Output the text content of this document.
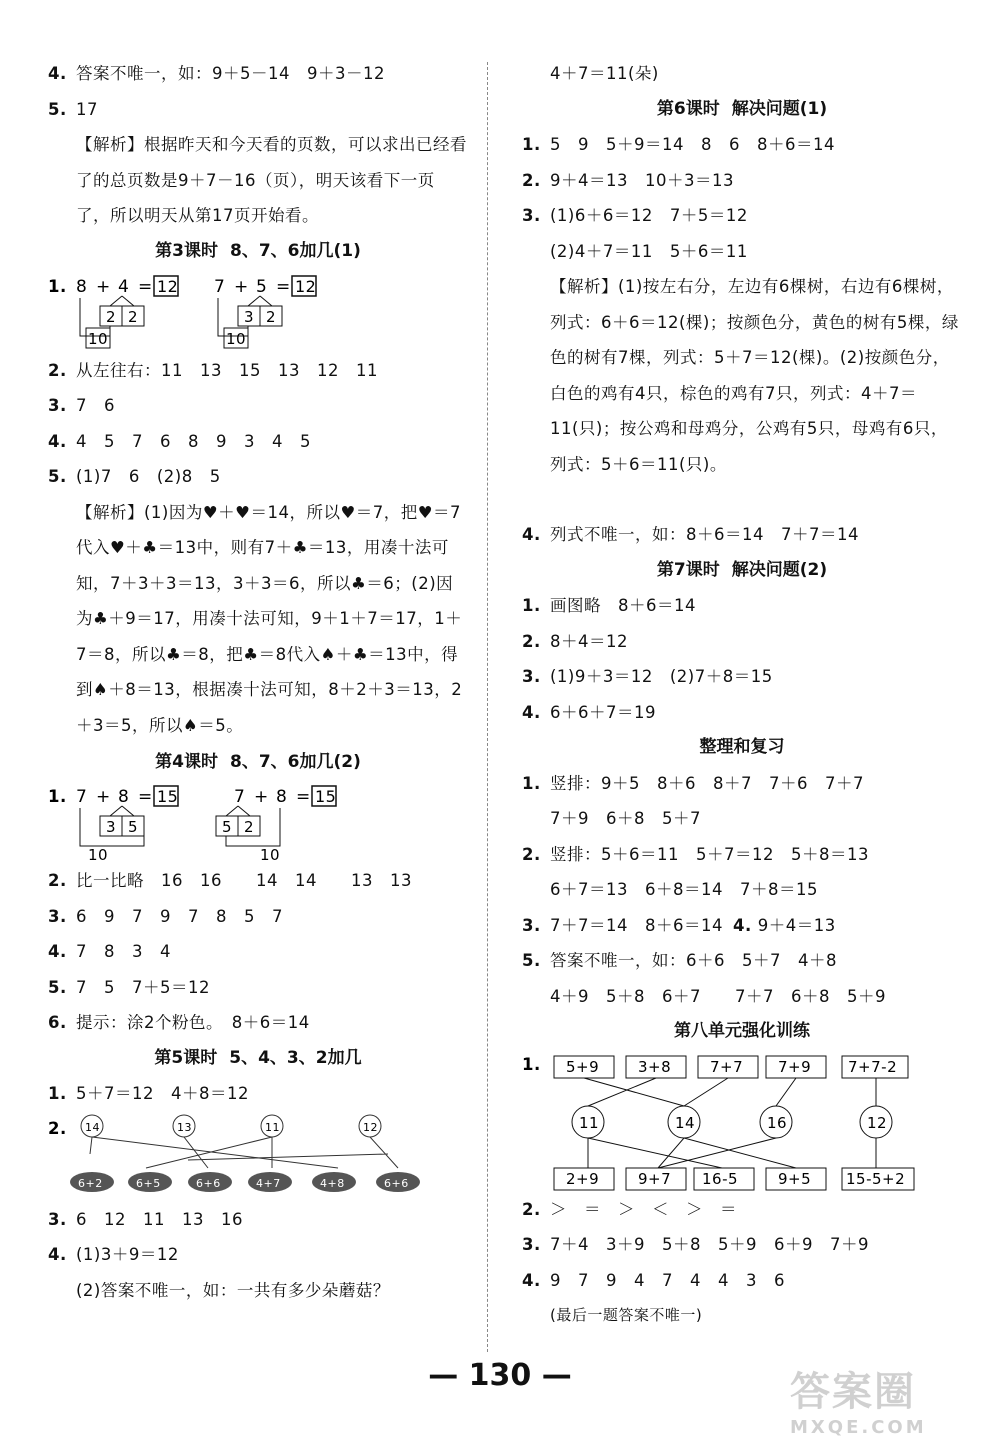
4. 答案不唯一，如：9＋5－14　9＋3－12
5. 17
【解析】根据昨天和今天看的页数，可以求出已经看了的总页数是9＋7－16（页），明天该看下一页了，所以明天从第17页开始看。
第3课时 8、7、6加几(1)
1. 8 + 4 = 12
2 2
10
7 + 5 = 12
3 2
10
2. 从左往右：11　13　15　13　12　11
3. 7　6
4. 4　5　7　6　8　9　3　4　5
5. (1)7　6　(2)8　5
【解析】(1)因为♥＋♥＝14，所以♥＝7，把♥＝7代入♥＋♣＝13中，则有7＋♣＝13，用凑十法可知，7＋3＋3＝13，3＋3＝6，所以♣＝6；(2)因为♣＋9＝17，用凑十法可知，9＋1＋7＝17，1＋7＝8，所以♣＝8，把♣＝8代入♠＋♣＝13中，得到♠＋8＝13，根据凑十法可知，8＋2＋3＝13，2＋3＝5，所以♠＝5。
第4课时 8、7、6加几(2)
1. 7 + 8 = 15
3 5
10
7 + 8 = 15
5 2
10
2. 比一比略　16　16　　14　14　　13　13
3. 6　9　7　9　7　8　5　7
4. 7　8　3　4
5. 7　5　7＋5＝12
6. 提示：涂2个粉色。　8＋6＝14
第5课时 5、4、3、2加几
1. 5＋7＝12　4＋8＝12
2. 14	13	11	12
6+2	6+5	6+6	4+7	4+8	6+6
3. 6　12　11　13　16
4. (1)3＋9＝12
(2)答案不唯一，如：一共有多少朵蘑菇？
4＋7＝11(朵)
第6课时 解决问题(1)
1. 5　9　5＋9＝14　8　6　8＋6＝14
2. 9＋4＝13　10＋3＝13
3. (1)6＋6＝12　7＋5＝12
(2)4＋7＝11　5＋6＝11
【解析】(1)按左右分，左边有6棵树，右边有6棵树，列式：6＋6＝12(棵)；按颜色分，黄色的树有5棵，绿色的树有7棵，列式：5＋7＝12(棵)。(2)按颜色分，白色的鸡有4只，棕色的鸡有7只，列式：4＋7＝11(只)；按公鸡和母鸡分，公鸡有5只，母鸡有6只，列式：5＋6＝11(只)。
4. 列式不唯一，如：8＋6＝14　7＋7＝14
第7课时 解决问题(2)
1. 画图略　8＋6＝14
2. 8＋4＝12
3. (1)9＋3＝12　(2)7＋8＝15
4. 6＋6＋7＝19
整理和复习
1. 竖排：9＋5　8＋6　8＋7　7＋6　7＋7
7＋9　6＋8　5＋7
2. 竖排：5＋6＝11　5＋7＝12　5＋8＝13
6＋7＝13　6＋8＝14　7＋8＝15
3. 7＋7＝14　8＋6＝14 4. 9＋4＝13
5. 答案不唯一，如：6＋6　5＋7　4＋8
4＋9　5＋8　6＋7　　7＋7　6＋8　5＋9
第八单元强化训练
1. 5+9	3+8	7+7 7+9 7+7-2
11	14	16	12
2+9	9+7 16-5	9+5 15-5+2
2. ＞　＝　＞　＜　＞　＝
3. 7＋4　3＋9　5＋8　5＋9　6＋9　7＋9
4. 9　7　9　4　7　4　4　3　6
(最后一题答案不唯一)
— 130 —	答案圈
MXQE.COM
